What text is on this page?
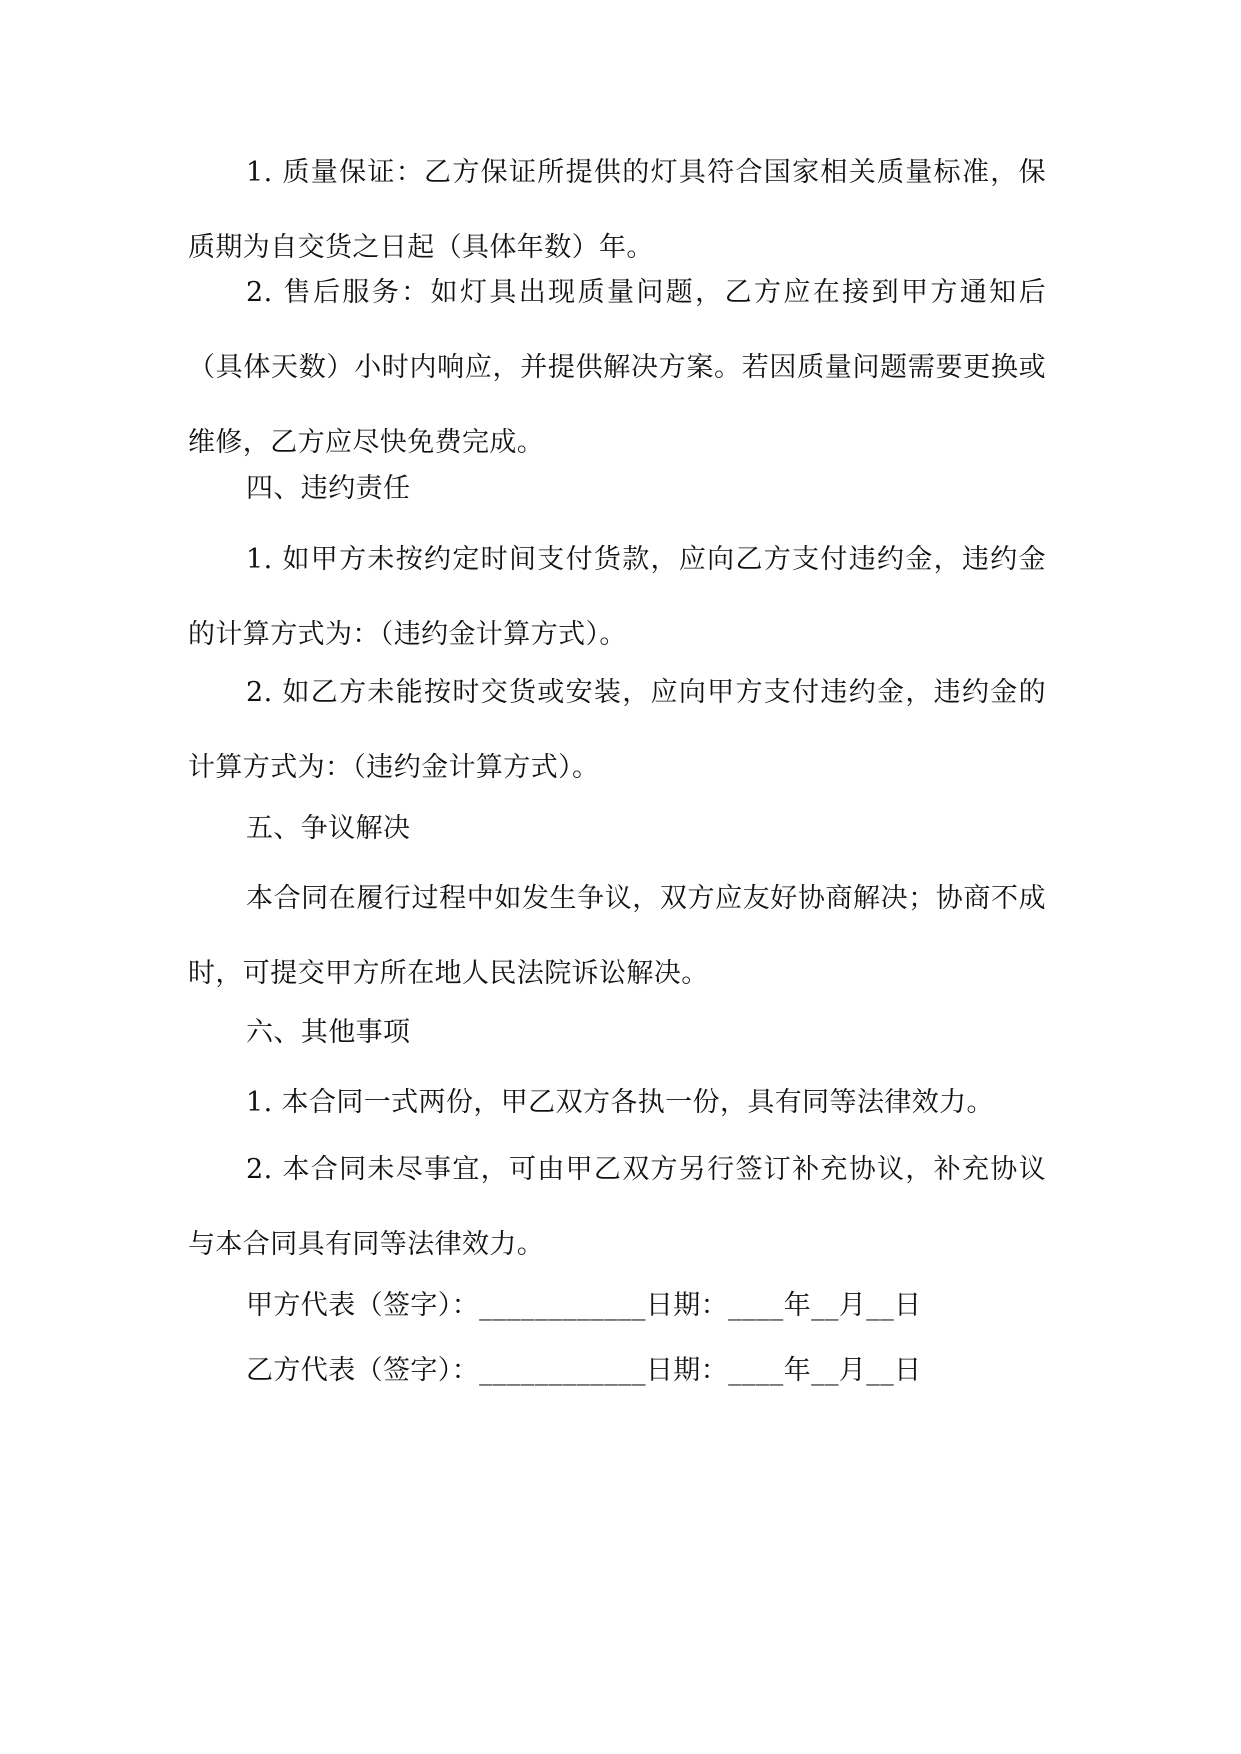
1. 质量保证：乙方保证所提供的灯具符合国家相关质量标准，保质期为自交货之日起（具体年数）年。

2. 售后服务：如灯具出现质量问题，乙方应在接到甲方通知后（具体天数）小时内响应，并提供解决方案。若因质量问题需要更换或维修，乙方应尽快免费完成。

四、违约责任

1. 如甲方未按约定时间支付货款，应向乙方支付违约金，违约金的计算方式为：（违约金计算方式）。

2. 如乙方未能按时交货或安装，应向甲方支付违约金，违约金的计算方式为：（违约金计算方式）。

五、争议解决

本合同在履行过程中如发生争议，双方应友好协商解决；协商不成时，可提交甲方所在地人民法院诉讼解决。

六、其他事项

1. 本合同一式两份，甲乙双方各执一份，具有同等法律效力。

2. 本合同未尽事宜，可由甲乙双方另行签订补充协议，补充协议与本合同具有同等法律效力。

甲方代表（签字）：____________日期：____年__月__日

乙方代表（签字）：____________日期：____年__月__日
